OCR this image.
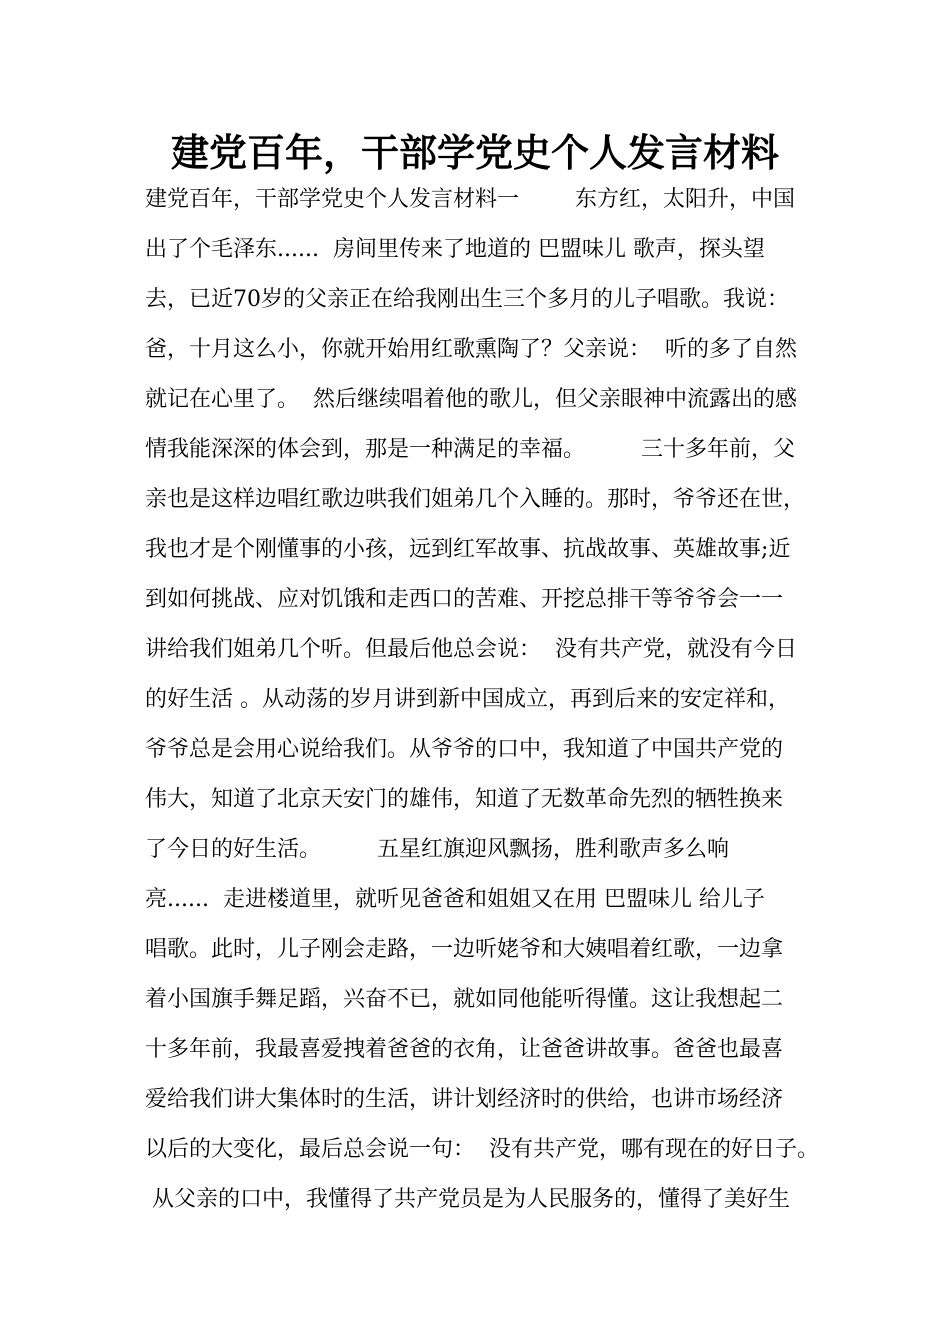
建党百年，干部学党史个人发言材料
建党百年，干部学党史个人发言材料一        东方红，太阳升，中国
出了个毛泽东......  房间里传来了地道的 巴盟味儿 歌声，探头望
去，已近70岁的父亲正在给我刚出生三个多月的儿子唱歌。我说：
爸，十月这么小，你就开始用红歌熏陶了？父亲说：  听的多了自然
就记在心里了。  然后继续唱着他的歌儿，但父亲眼神中流露出的感
情我能深深的体会到，那是一种满足的幸福。        三十多年前，父
亲也是这样边唱红歌边哄我们姐弟几个入睡的。那时，爷爷还在世，
我也才是个刚懂事的小孩，远到红军故事、抗战故事、英雄故事;近
到如何挑战、应对饥饿和走西口的苦难、开挖总排干等爷爷会一一
讲给我们姐弟几个听。但最后他总会说：  没有共产党，就没有今日
的好生活 。从动荡的岁月讲到新中国成立，再到后来的安定祥和，
爷爷总是会用心说给我们。从爷爷的口中，我知道了中国共产党的
伟大，知道了北京天安门的雄伟，知道了无数革命先烈的牺牲换来
了今日的好生活。        五星红旗迎风飘扬，胜利歌声多么响
亮......  走进楼道里，就听见爸爸和姐姐又在用 巴盟味儿 给儿子
唱歌。此时，儿子刚会走路，一边听姥爷和大姨唱着红歌，一边拿
着小国旗手舞足蹈，兴奋不已，就如同他能听得懂。这让我想起二
十多年前，我最喜爱拽着爸爸的衣角，让爸爸讲故事。爸爸也最喜
爱给我们讲大集体时的生活，讲计划经济时的供给，也讲市场经济
以后的大变化，最后总会说一句：  没有共产党，哪有现在的好日子。
从父亲的口中，我懂得了共产党员是为人民服务的，懂得了美好生
